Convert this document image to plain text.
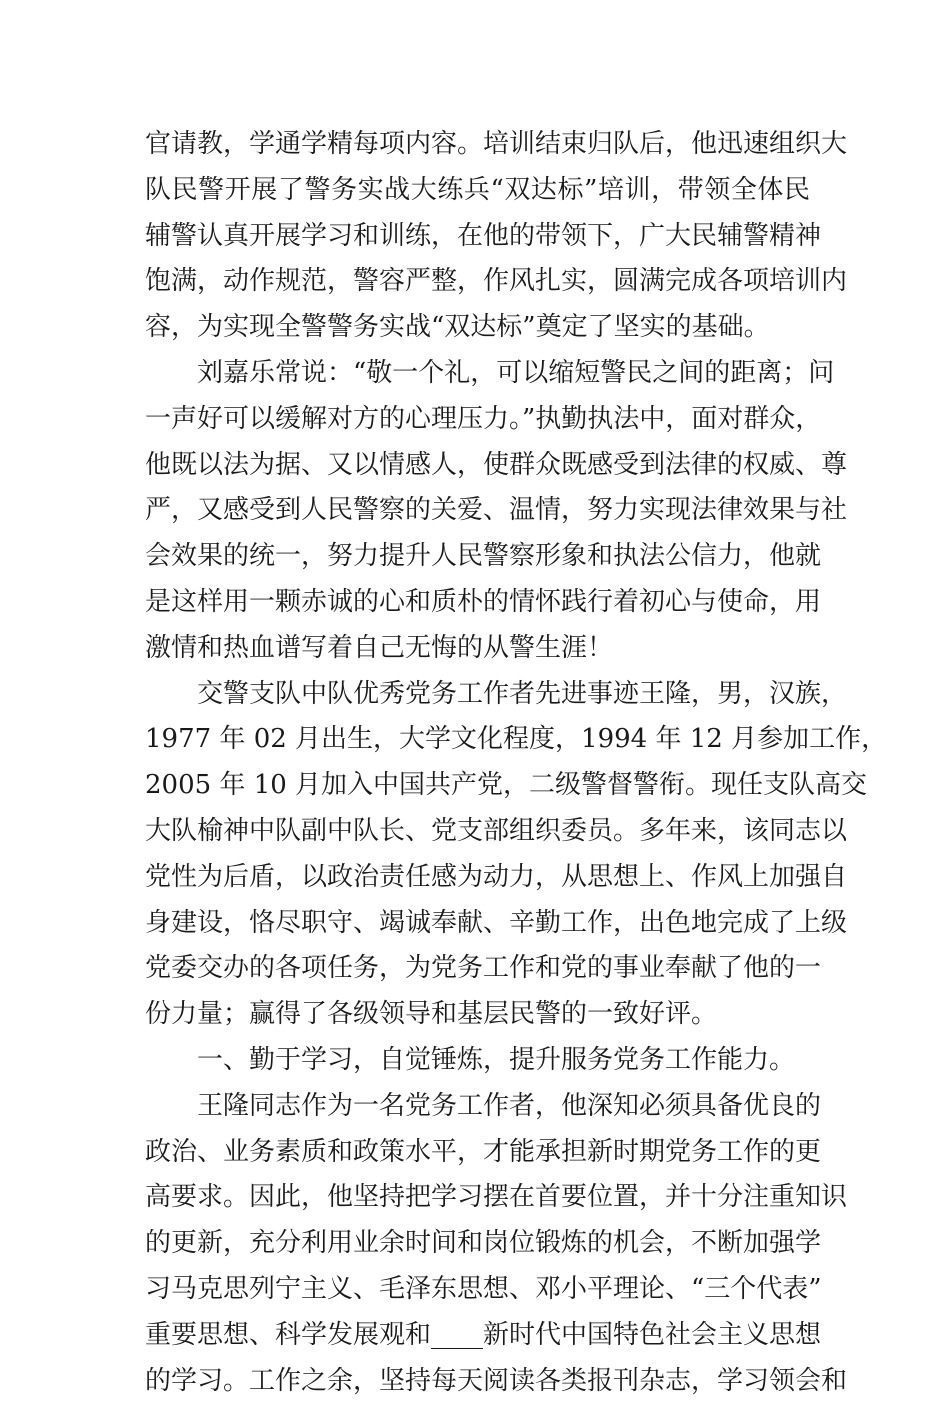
官请教，学通学精每项内容。培训结束归队后，他迅速组织大
队民警开展了警务实战大练兵“双达标”培训，带领全体民
辅警认真开展学习和训练，在他的带领下，广大民辅警精神
饱满，动作规范，警容严整，作风扎实，圆满完成各项培训内
容，为实现全警警务实战“双达标”奠定了坚实的基础。
刘嘉乐常说：“敬一个礼，可以缩短警民之间的距离；问
一声好可以缓解对方的心理压力。”执勤执法中，面对群众，
他既以法为据、又以情感人，使群众既感受到法律的权威、尊
严，又感受到人民警察的关爱、温情，努力实现法律效果与社
会效果的统一，努力提升人民警察形象和执法公信力，他就
是这样用一颗赤诚的心和质朴的情怀践行着初心与使命，用
激情和热血谱写着自己无悔的从警生涯！
交警支队中队优秀党务工作者先进事迹王隆，男，汉族，
1977 年 02 月出生，大学文化程度，1994 年 12 月参加工作，
2005 年 10 月加入中国共产党，二级警督警衔。现任支队高交
大队榆神中队副中队长、党支部组织委员。多年来，该同志以
党性为后盾，以政治责任感为动力，从思想上、作风上加强自
身建设，恪尽职守、竭诚奉献、辛勤工作，出色地完成了上级
党委交办的各项任务，为党务工作和党的事业奉献了他的一
份力量；赢得了各级领导和基层民警的一致好评。
一、勤于学习，自觉锤炼，提升服务党务工作能力。
王隆同志作为一名党务工作者，他深知必须具备优良的
政治、业务素质和政策水平，才能承担新时期党务工作的更
高要求。因此，他坚持把学习摆在首要位置，并十分注重知识
的更新，充分利用业余时间和岗位锻炼的机会，不断加强学
习马克思列宁主义、毛泽东思想、邓小平理论、“三个代表”
重要思想、科学发展观和____新时代中国特色社会主义思想
的学习。工作之余，坚持每天阅读各类报刊杂志，学习领会和
